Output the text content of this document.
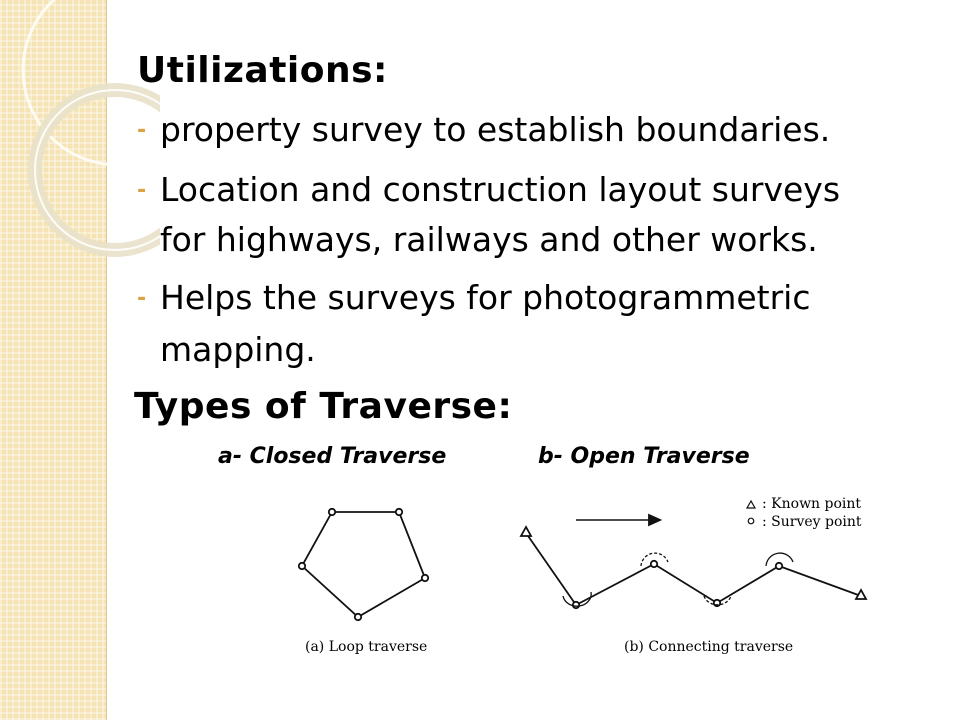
Utilizations:
- property survey to establish boundaries.
- Location and construction layout surveys
for highways, railways and other works.
- Helps the surveys for photogrammetric
mapping.
Types of Traverse:
a- Closed Traverse	b- Open Traverse
: Known point
: Survey point
(a) Loop traverse	(b) Connecting traverse
